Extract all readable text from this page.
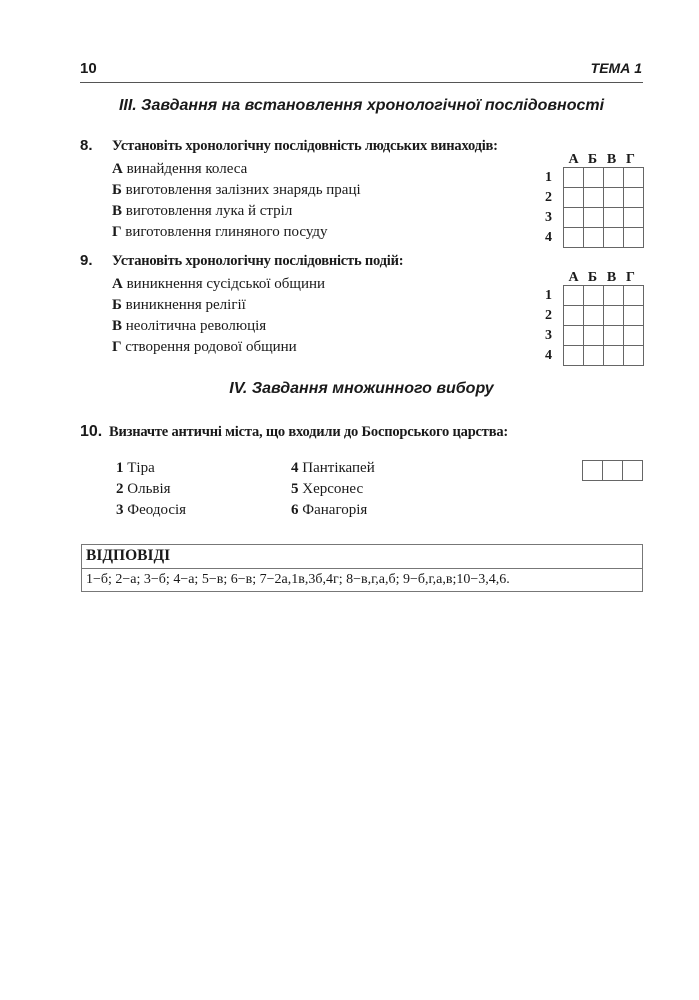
10	ТЕМА 1
III. Завдання на встановлення хронологічної послідовності
8. Установіть хронологічну послідовність людських винаходів:
А винайдення колеса
Б виготовлення залізних знарядь праці
В виготовлення лука й стріл
Г виготовлення глиняного посуду
А Б В Г
1
2
3
4
9. Установіть хронологічну послідовність подій:
А виникнення сусідської общини
Б виникнення релігії
В неолітична революція
Г створення родової общини
А Б В Г
1
2
3
4
IV. Завдання множинного вибору
10. Визначте античні міста, що входили до Боспорського царства:
1 Тіра
2 Ольвія
3 Феодосія
4 Пантікапей
5 Херсонес
6 Фанагорія
ВІДПОВІДІ
1−б; 2−а; 3−б; 4−а; 5−в; 6−в; 7−2а,1в,3б,4г; 8−в,г,а,б; 9−б,г,а,в;10−3,4,6.
